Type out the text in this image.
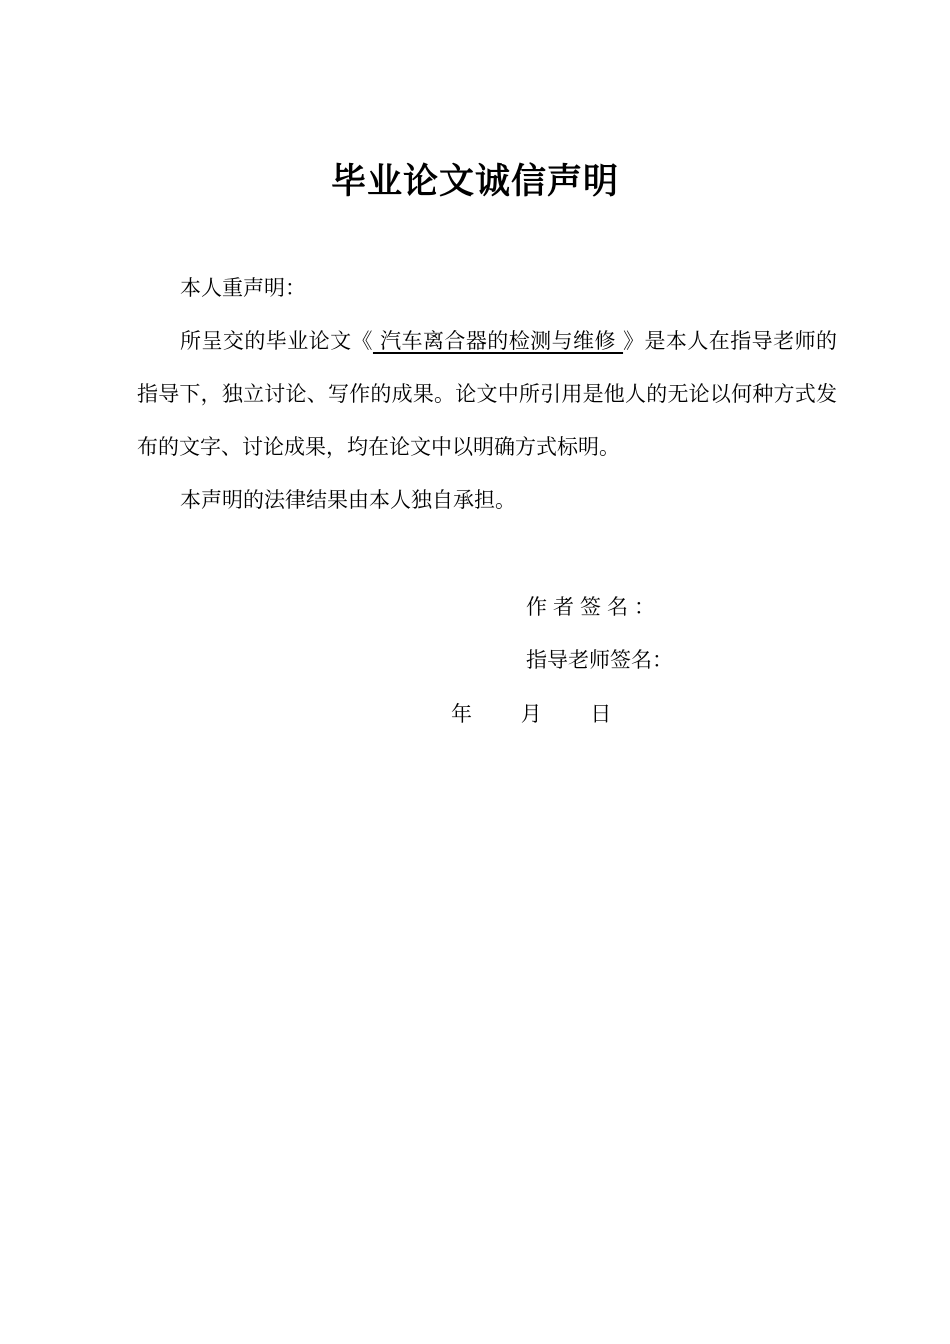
毕业论文诚信声明
本人重声明：
所呈交的毕业论文《 汽车离合器的检测与维修 》是本人在指导老师的指导下，独立讨论、写作的成果。论文中所引用是他人的无论以何种方式发布的文字、讨论成果，均在论文中以明确方式标明。
本声明的法律结果由本人独自承担。
作者签名：
指导老师签名：
年 月 日
